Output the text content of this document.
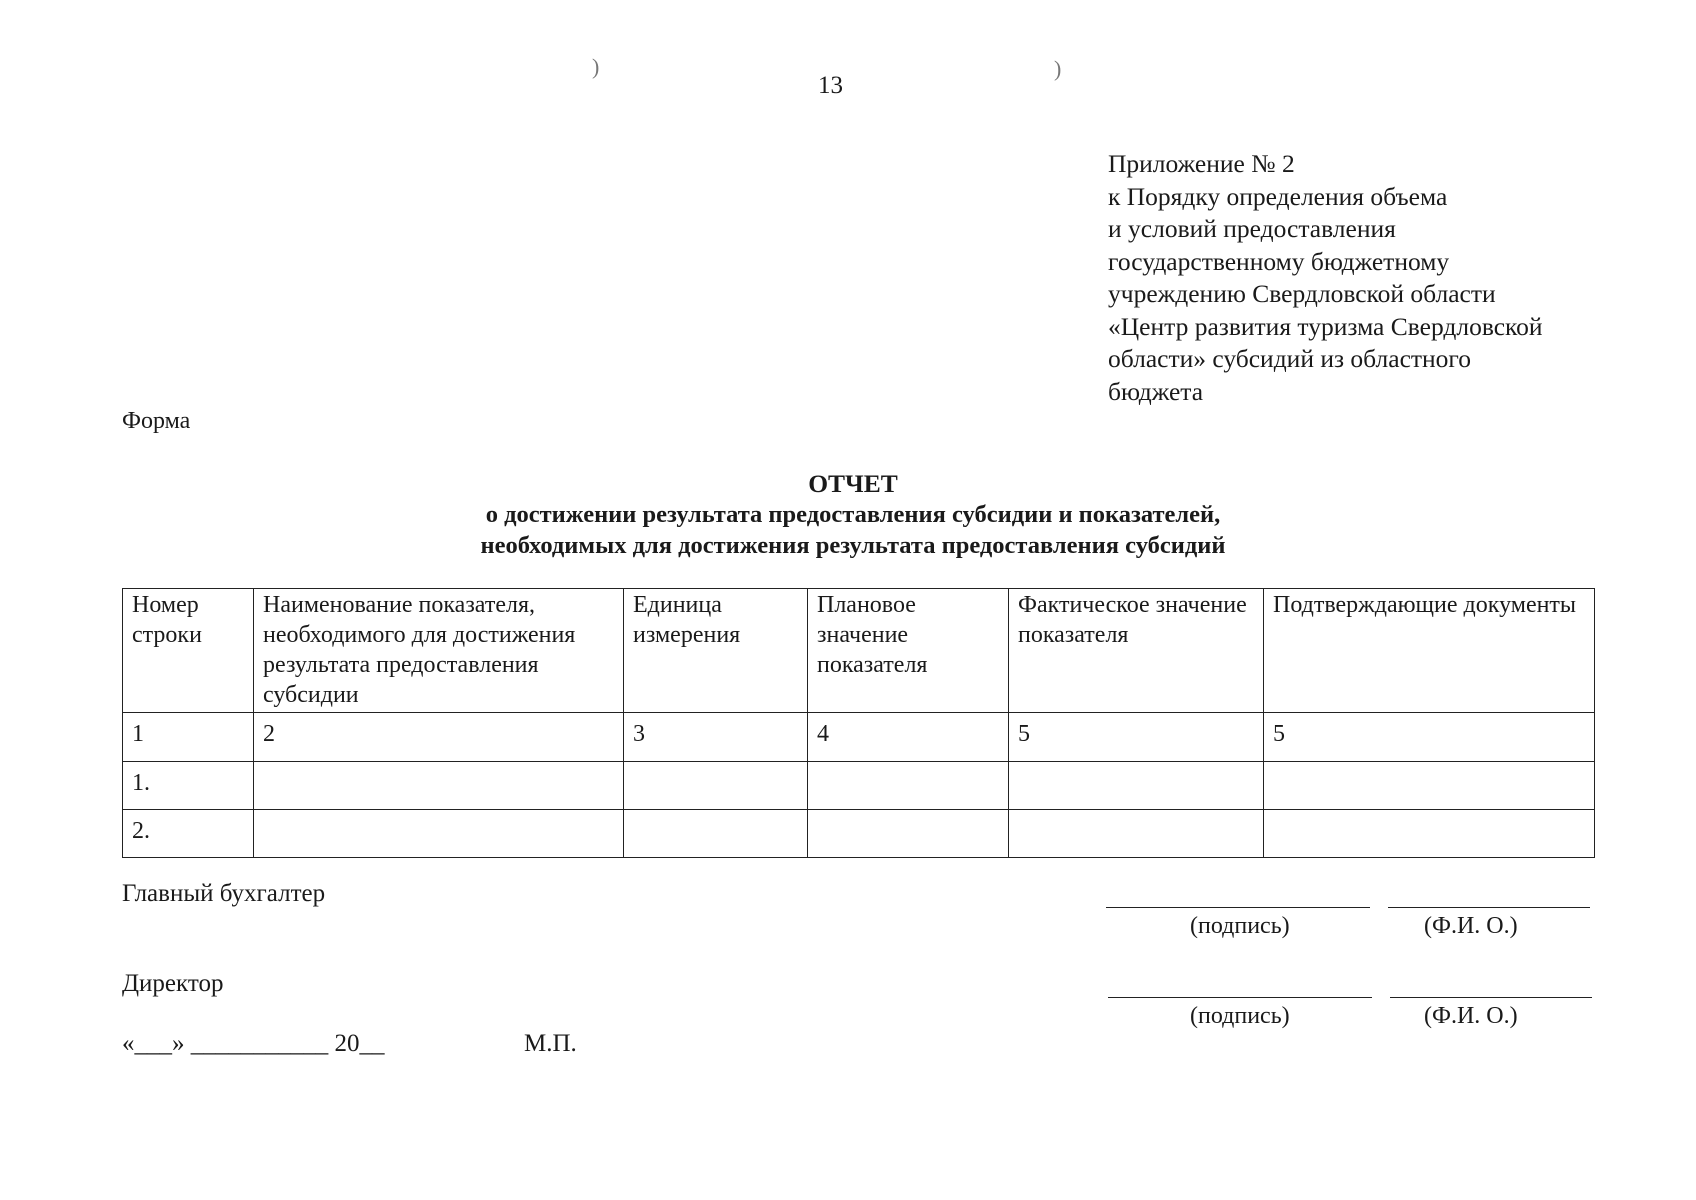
13
)	)
Приложение № 2
к Порядку определения объема
и условий предоставления
государственному бюджетному
учреждению Свердловской области
«Центр развития туризма Свердловской
области» субсидий из областного
бюджета
Форма
ОТЧЕТ
о достижении результата предоставления субсидии и показателей,
необходимых для достижения результата предоставления субсидий
Номер строки	Наименование показателя, необходимого для достижения результата предоставления субсидии	Единица измерения	Плановое значение показателя	Фактическое значение показателя	Подтверждающие документы
1	2	3	4	5	5
1.					
2.					
Главный бухгалтер
(подпись)	(Ф.И. О.)
Директор
(подпись)	(Ф.И. О.)
«___» ___________ 20__	М.П.
